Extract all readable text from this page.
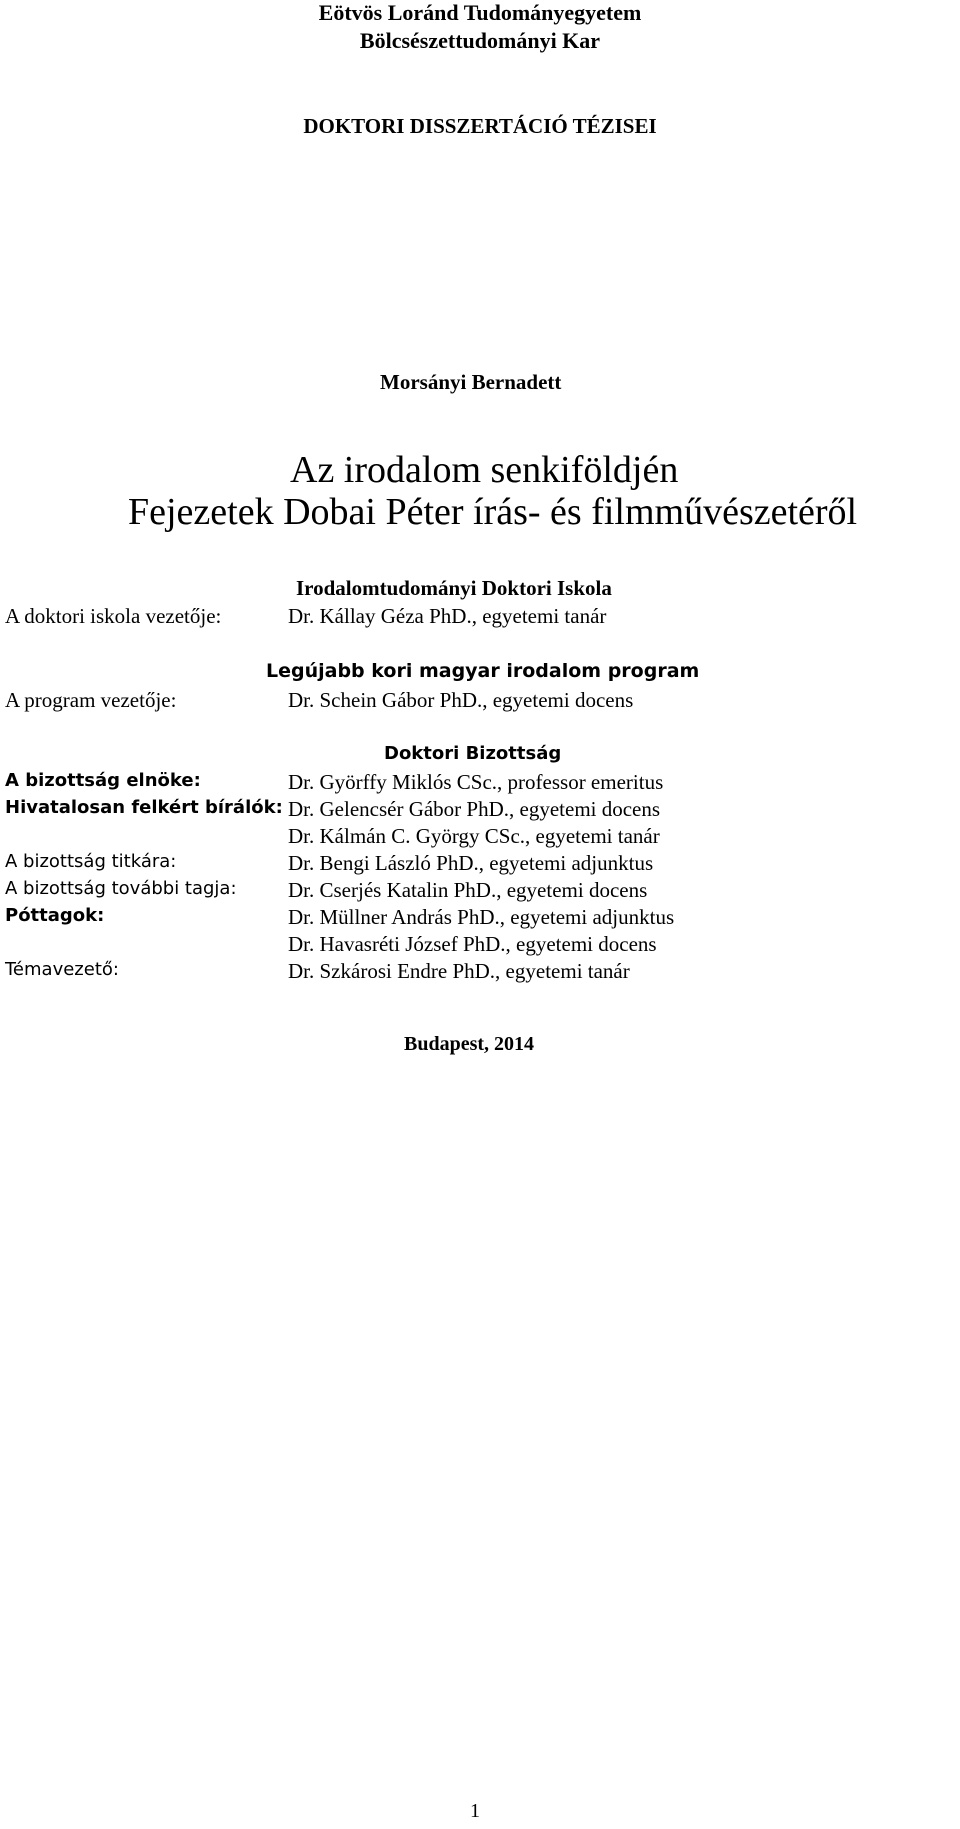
Eötvös Loránd Tudományegyetem
Bölcsészettudományi Kar
DOKTORI DISSZERTÁCIÓ TÉZISEI
Morsányi Bernadett
Az irodalom senkiföldjén
Fejezetek Dobai Péter írás- és filmművészetéről
Irodalomtudományi Doktori Iskola
A doktori iskola vezetője:	Dr. Kállay Géza PhD., egyetemi tanár
Legújabb kori magyar irodalom program
A program vezetője:	Dr. Schein Gábor PhD., egyetemi docens
Doktori Bizottság
A bizottság elnöke:	Dr. Györffy Miklós CSc., professor emeritus
Hivatalosan felkért bírálók: Dr. Gelencsér Gábor PhD., egyetemi docens
Dr. Kálmán C. György CSc., egyetemi tanár
A bizottság titkára:	Dr. Bengi László PhD., egyetemi adjunktus
A bizottság további tagja: Dr. Cserjés Katalin PhD., egyetemi docens
Póttagok:	Dr. Müllner András PhD., egyetemi adjunktus
Dr. Havasréti József PhD., egyetemi docens
Témavezető:	Dr. Szkárosi Endre PhD., egyetemi tanár
Budapest, 2014
1
